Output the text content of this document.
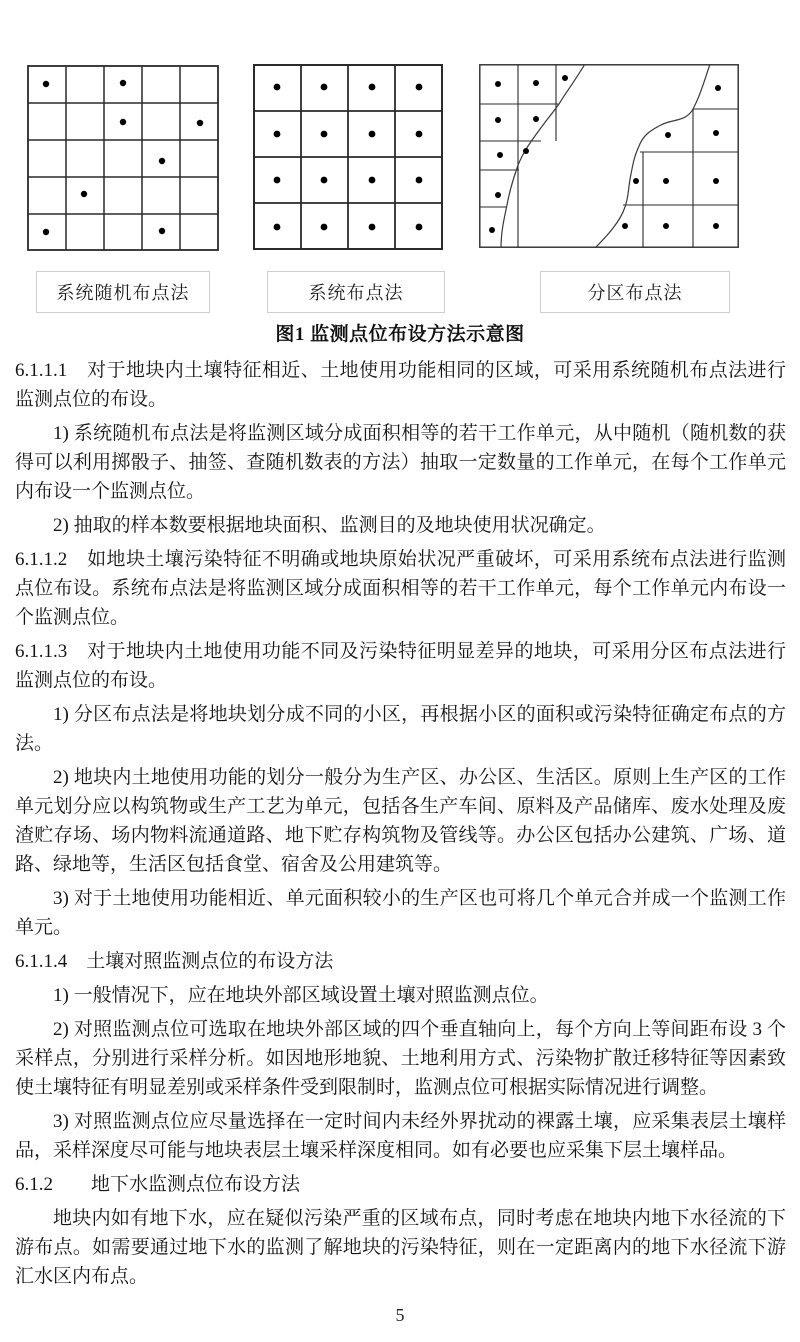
系统随机布点法	系统布点法	分区布点法
图1 监测点位布设方法示意图

6.1.1.1　对于地块内土壤特征相近、土地使用功能相同的区域，可采用系统随机布点法进行监测点位的布设。

1) 系统随机布点法是将监测区域分成面积相等的若干工作单元，从中随机（随机数的获得可以利用掷骰子、抽签、查随机数表的方法）抽取一定数量的工作单元，在每个工作单元内布设一个监测点位。

2) 抽取的样本数要根据地块面积、监测目的及地块使用状况确定。

6.1.1.2　如地块土壤污染特征不明确或地块原始状况严重破坏，可采用系统布点法进行监测点位布设。系统布点法是将监测区域分成面积相等的若干工作单元，每个工作单元内布设一个监测点位。

6.1.1.3　对于地块内土地使用功能不同及污染特征明显差异的地块，可采用分区布点法进行监测点位的布设。

1) 分区布点法是将地块划分成不同的小区，再根据小区的面积或污染特征确定布点的方法。

2) 地块内土地使用功能的划分一般分为生产区、办公区、生活区。原则上生产区的工作单元划分应以构筑物或生产工艺为单元，包括各生产车间、原料及产品储库、废水处理及废渣贮存场、场内物料流通道路、地下贮存构筑物及管线等。办公区包括办公建筑、广场、道路、绿地等，生活区包括食堂、宿舍及公用建筑等。

3) 对于土地使用功能相近、单元面积较小的生产区也可将几个单元合并成一个监测工作单元。

6.1.1.4　土壤对照监测点位的布设方法

1) 一般情况下，应在地块外部区域设置土壤对照监测点位。

2) 对照监测点位可选取在地块外部区域的四个垂直轴向上，每个方向上等间距布设 3 个采样点，分别进行采样分析。如因地形地貌、土地利用方式、污染物扩散迁移特征等因素致使土壤特征有明显差别或采样条件受到限制时，监测点位可根据实际情况进行调整。

3) 对照监测点位应尽量选择在一定时间内未经外界扰动的裸露土壤，应采集表层土壤样品，采样深度尽可能与地块表层土壤采样深度相同。如有必要也应采集下层土壤样品。

6.1.2　　地下水监测点位布设方法

地块内如有地下水，应在疑似污染严重的区域布点，同时考虑在地块内地下水径流的下游布点。如需要通过地下水的监测了解地块的污染特征，则在一定距离内的地下水径流下游汇水区内布点。

5
